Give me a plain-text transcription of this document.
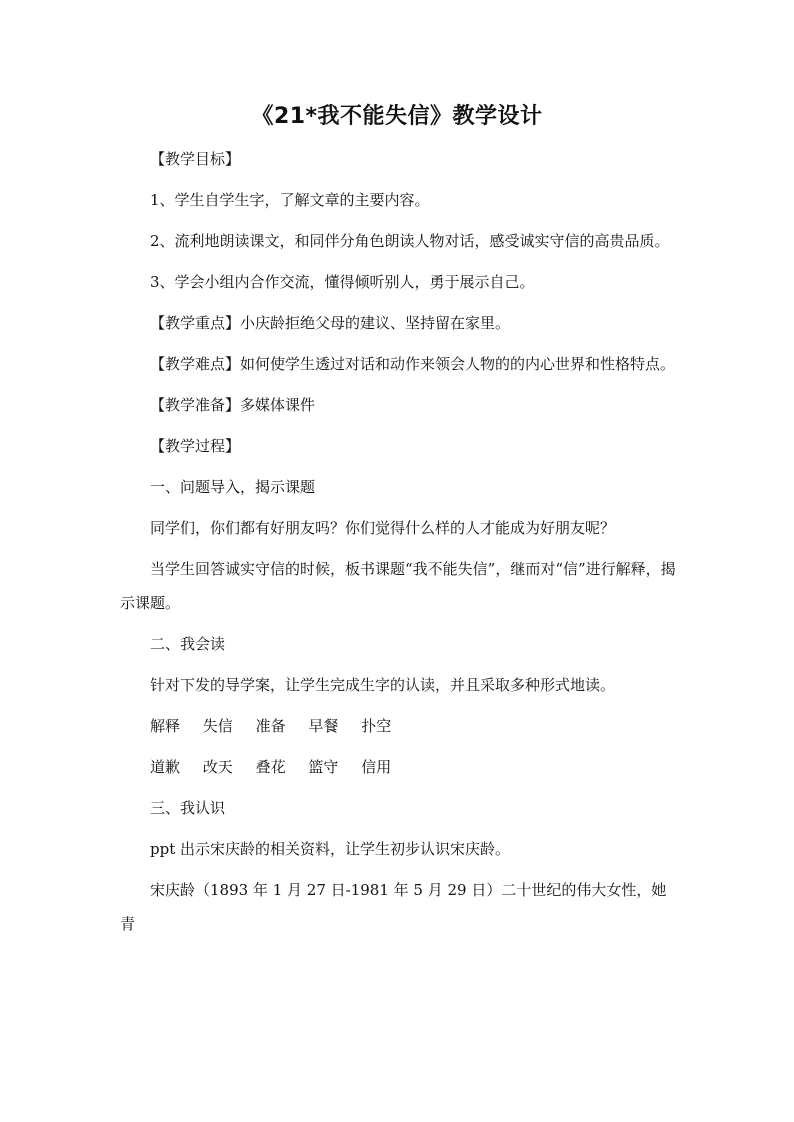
《21*我不能失信》教学设计

【教学目标】

1、学生自学生字，了解文章的主要内容。

2、流利地朗读课文，和同伴分角色朗读人物对话，感受诚实守信的高贵品质。

3、学会小组内合作交流，懂得倾听别人，勇于展示自己。

【教学重点】小庆龄拒绝父母的建议、坚持留在家里。

【教学难点】如何使学生透过对话和动作来领会人物的的内心世界和性格特点。

【教学准备】多媒体课件

【教学过程】

一、问题导入，揭示课题

同学们，你们都有好朋友吗？你们觉得什么样的人才能成为好朋友呢？

当学生回答诚实守信的时候，板书课题“我不能失信”，继而对“信”进行解释，揭示课题。

二、我会读

针对下发的导学案，让学生完成生字的认读，并且采取多种形式地读。

解释 失信 准备 早餐 扑空

道歉 改天 叠花 篮守 信用

三、我认识

ppt 出示宋庆龄的相关资料，让学生初步认识宋庆龄。

宋庆龄（1893 年 1 月 27 日-1981 年 5 月 29 日）二十世纪的伟大女性，她青
